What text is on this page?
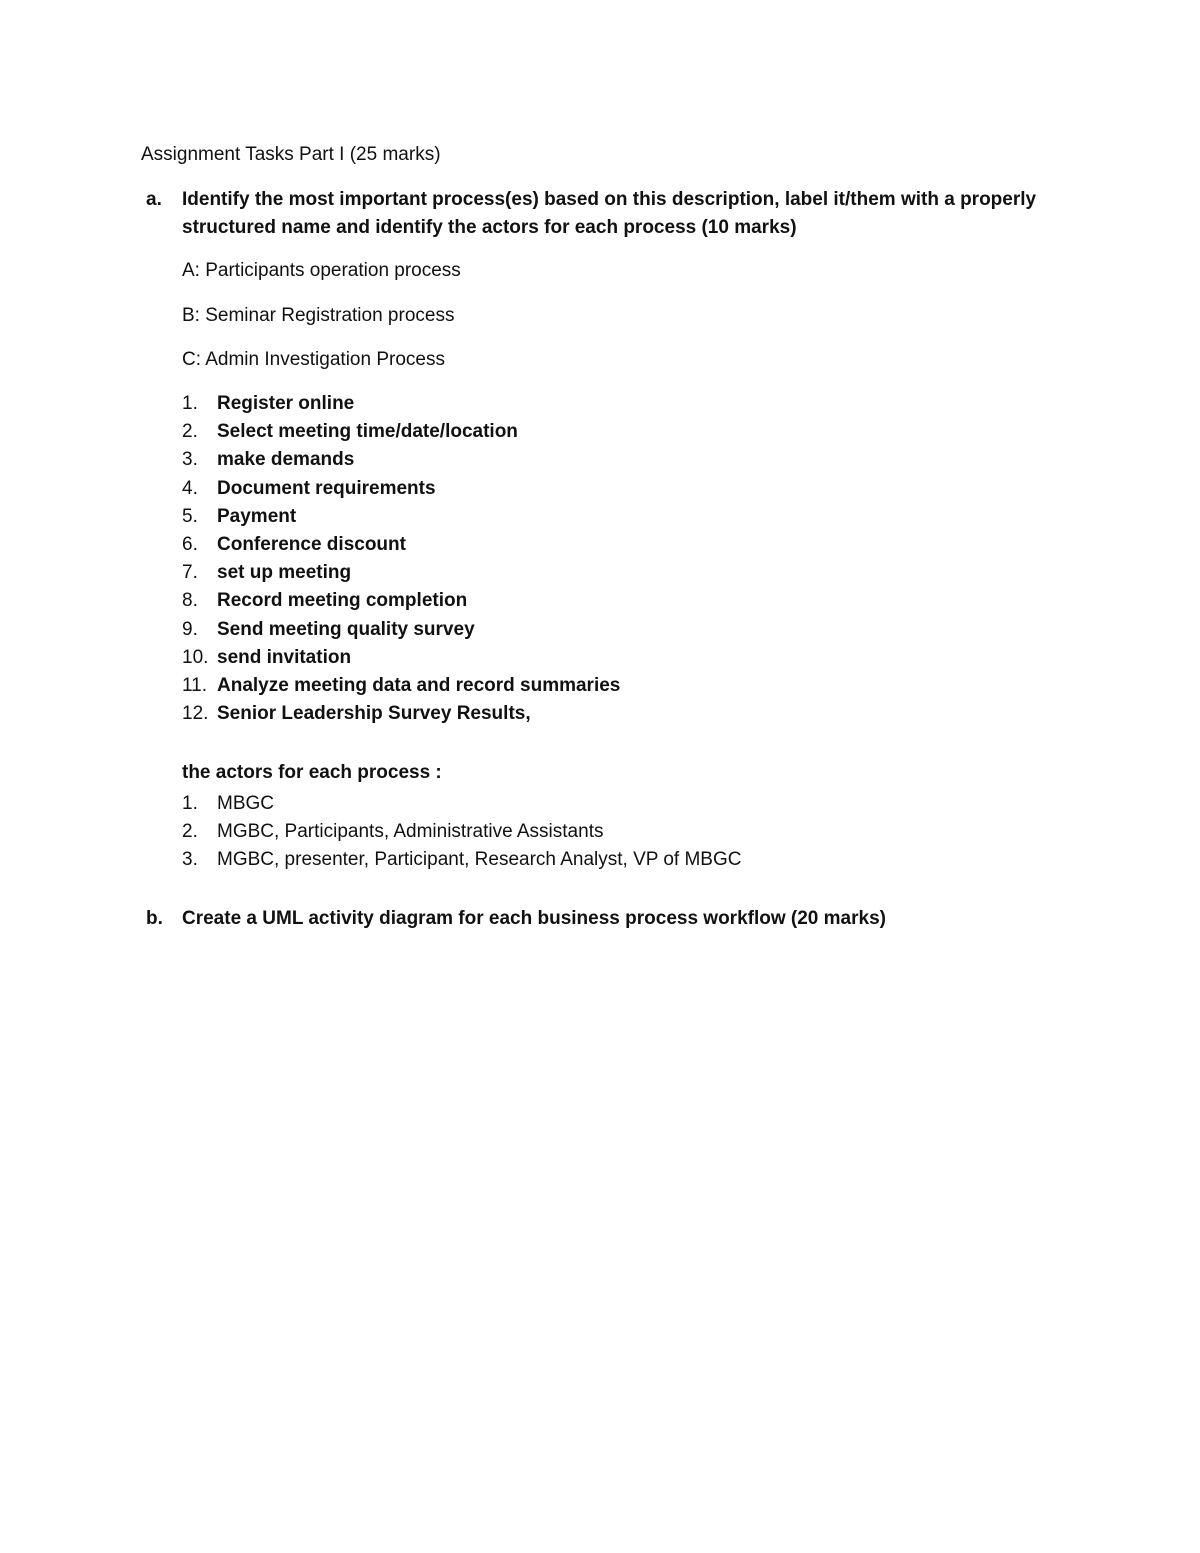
Assignment Tasks Part I (25 marks)
a. Identify the most important process(es) based on this description, label it/them with a properly structured name and identify the actors for each process (10 marks)
A: Participants operation process
B: Seminar Registration process
C: Admin Investigation Process
1. Register online
2. Select meeting time/date/location
3. make demands
4. Document requirements
5. Payment
6. Conference discount
7. set up meeting
8. Record meeting completion
9. Send meeting quality survey
10. send invitation
11. Analyze meeting data and record summaries
12. Senior Leadership Survey Results,
the actors for each process :
1. MBGC
2. MGBC, Participants, Administrative Assistants
3. MGBC, presenter, Participant, Research Analyst, VP of MBGC
b. Create a UML activity diagram for each business process workflow (20 marks)
